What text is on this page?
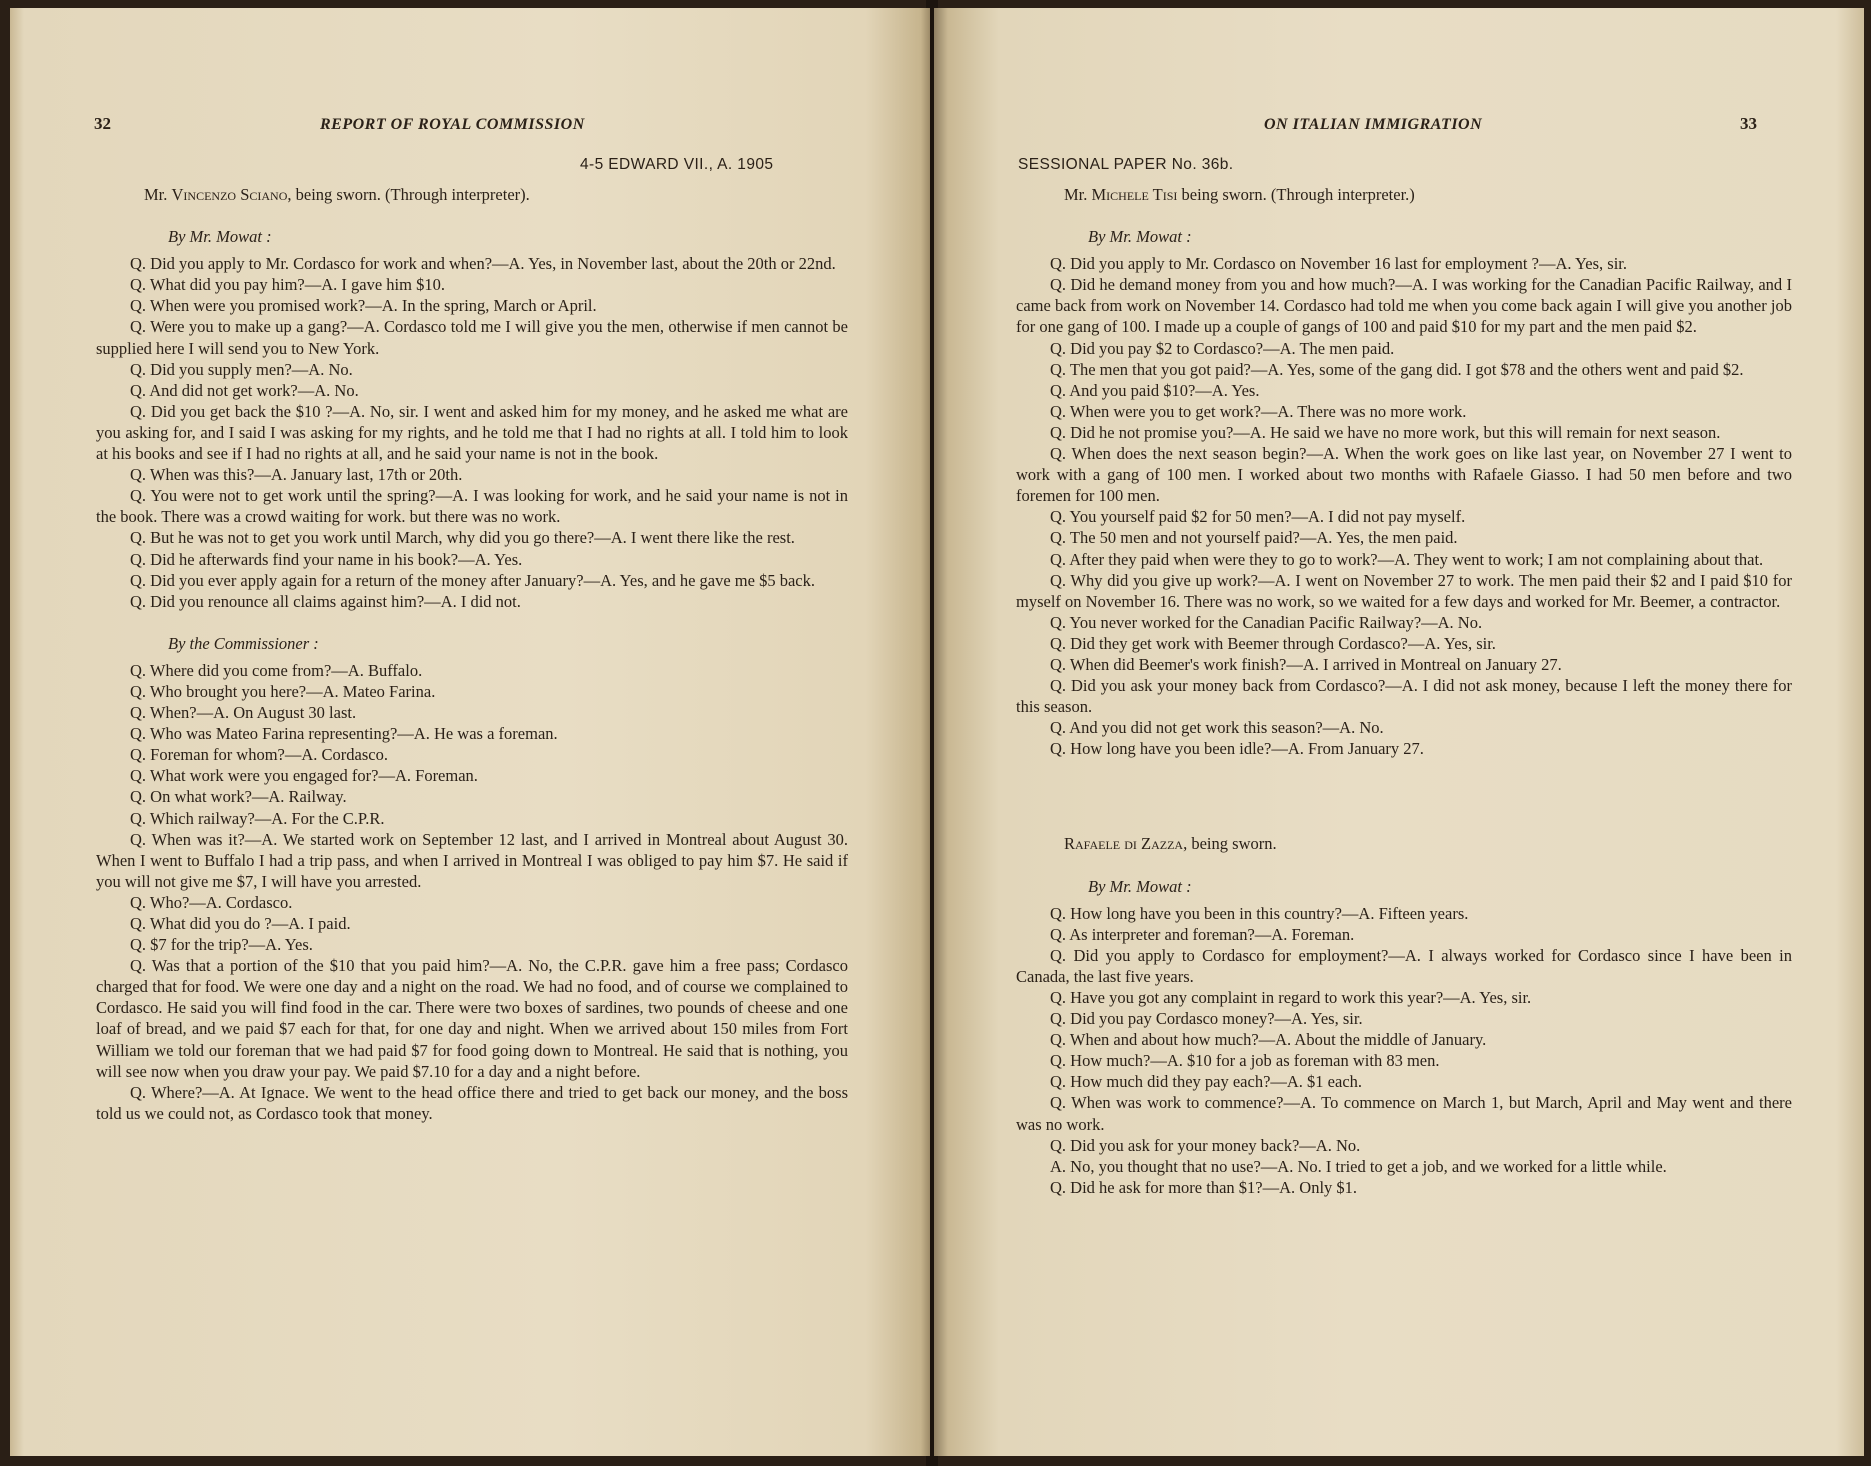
32	REPORT OF ROYAL COMMISSION
4-5 EDWARD VII., A. 1905

Mr. Vincenzo Sciano, being sworn. (Through interpreter).

By Mr. Mowat :

Q. Did you apply to Mr. Cordasco for work and when?—A. Yes, in November last, about the 20th or 22nd.

Q. What did you pay him?—A. I gave him $10.

Q. When were you promised work?—A. In the spring, March or April.

Q. Were you to make up a gang?—A. Cordasco told me I will give you the men, otherwise if men cannot be supplied here I will send you to New York.

Q. Did you supply men?—A. No.

Q. And did not get work?—A. No.

Q. Did you get back the $10 ?—A. No, sir. I went and asked him for my money, and he asked me what are you asking for, and I said I was asking for my rights, and he told me that I had no rights at all. I told him to look at his books and see if I had no rights at all, and he said your name is not in the book.

Q. When was this?—A. January last, 17th or 20th.

Q. You were not to get work until the spring?—A. I was looking for work, and he said your name is not in the book. There was a crowd waiting for work. but there was no work.

Q. But he was not to get you work until March, why did you go there?—A. I went there like the rest.

Q. Did he afterwards find your name in his book?—A. Yes.

Q. Did you ever apply again for a return of the money after January?—A. Yes, and he gave me $5 back.

Q. Did you renounce all claims against him?—A. I did not.

By the Commissioner :

Q. Where did you come from?—A. Buffalo.

Q. Who brought you here?—A. Mateo Farina.

Q. When?—A. On August 30 last.

Q. Who was Mateo Farina representing?—A. He was a foreman.

Q. Foreman for whom?—A. Cordasco.

Q. What work were you engaged for?—A. Foreman.

Q. On what work?—A. Railway.

Q. Which railway?—A. For the C.P.R.

Q. When was it?—A. We started work on September 12 last, and I arrived in Montreal about August 30. When I went to Buffalo I had a trip pass, and when I arrived in Montreal I was obliged to pay him $7. He said if you will not give me $7, I will have you arrested.

Q. Who?—A. Cordasco.

Q. What did you do ?—A. I paid.

Q. $7 for the trip?—A. Yes.

Q. Was that a portion of the $10 that you paid him?—A. No, the C.P.R. gave him a free pass; Cordasco charged that for food. We were one day and a night on the road. We had no food, and of course we complained to Cordasco. He said you will find food in the car. There were two boxes of sardines, two pounds of cheese and one loaf of bread, and we paid $7 each for that, for one day and night. When we arrived about 150 miles from Fort William we told our foreman that we had paid $7 for food going down to Montreal. He said that is nothing, you will see now when you draw your pay. We paid $7.10 for a day and a night before.

Q. Where?—A. At Ignace. We went to the head office there and tried to get back our money, and the boss told us we could not, as Cordasco took that money.

ON ITALIAN IMMIGRATION	33
SESSIONAL PAPER No. 36b.

Mr. Michele Tisi being sworn. (Through interpreter.)

By Mr. Mowat :

Q. Did you apply to Mr. Cordasco on November 16 last for employment ?—A. Yes, sir.

Q. Did he demand money from you and how much?—A. I was working for the Canadian Pacific Railway, and I came back from work on November 14. Cordasco had told me when you come back again I will give you another job for one gang of 100. I made up a couple of gangs of 100 and paid $10 for my part and the men paid $2.

Q. Did you pay $2 to Cordasco?—A. The men paid.

Q. The men that you got paid?—A. Yes, some of the gang did. I got $78 and the others went and paid $2.

Q. And you paid $10?—A. Yes.

Q. When were you to get work?—A. There was no more work.

Q. Did he not promise you?—A. He said we have no more work, but this will remain for next season.

Q. When does the next season begin?—A. When the work goes on like last year, on November 27 I went to work with a gang of 100 men. I worked about two months with Rafaele Giasso. I had 50 men before and two foremen for 100 men.

Q. You yourself paid $2 for 50 men?—A. I did not pay myself.

Q. The 50 men and not yourself paid?—A. Yes, the men paid.

Q. After they paid when were they to go to work?—A. They went to work; I am not complaining about that.

Q. Why did you give up work?—A. I went on November 27 to work. The men paid their $2 and I paid $10 for myself on November 16. There was no work, so we waited for a few days and worked for Mr. Beemer, a contractor.

Q. You never worked for the Canadian Pacific Railway?—A. No.

Q. Did they get work with Beemer through Cordasco?—A. Yes, sir.

Q. When did Beemer's work finish?—A. I arrived in Montreal on January 27.

Q. Did you ask your money back from Cordasco?—A. I did not ask money, because I left the money there for this season.

Q. And you did not get work this season?—A. No.

Q. How long have you been idle?—A. From January 27.

Rafaele di Zazza, being sworn.

By Mr. Mowat :

Q. How long have you been in this country?—A. Fifteen years.

Q. As interpreter and foreman?—A. Foreman.

Q. Did you apply to Cordasco for employment?—A. I always worked for Cordasco since I have been in Canada, the last five years.

Q. Have you got any complaint in regard to work this year?—A. Yes, sir.

Q. Did you pay Cordasco money?—A. Yes, sir.

Q. When and about how much?—A. About the middle of January.

Q. How much?—A. $10 for a job as foreman with 83 men.

Q. How much did they pay each?—A. $1 each.

Q. When was work to commence?—A. To commence on March 1, but March, April and May went and there was no work.

Q. Did you ask for your money back?—A. No.

A. No, you thought that no use?—A. No. I tried to get a job, and we worked for a little while.

Q. Did he ask for more than $1?—A. Only $1.
